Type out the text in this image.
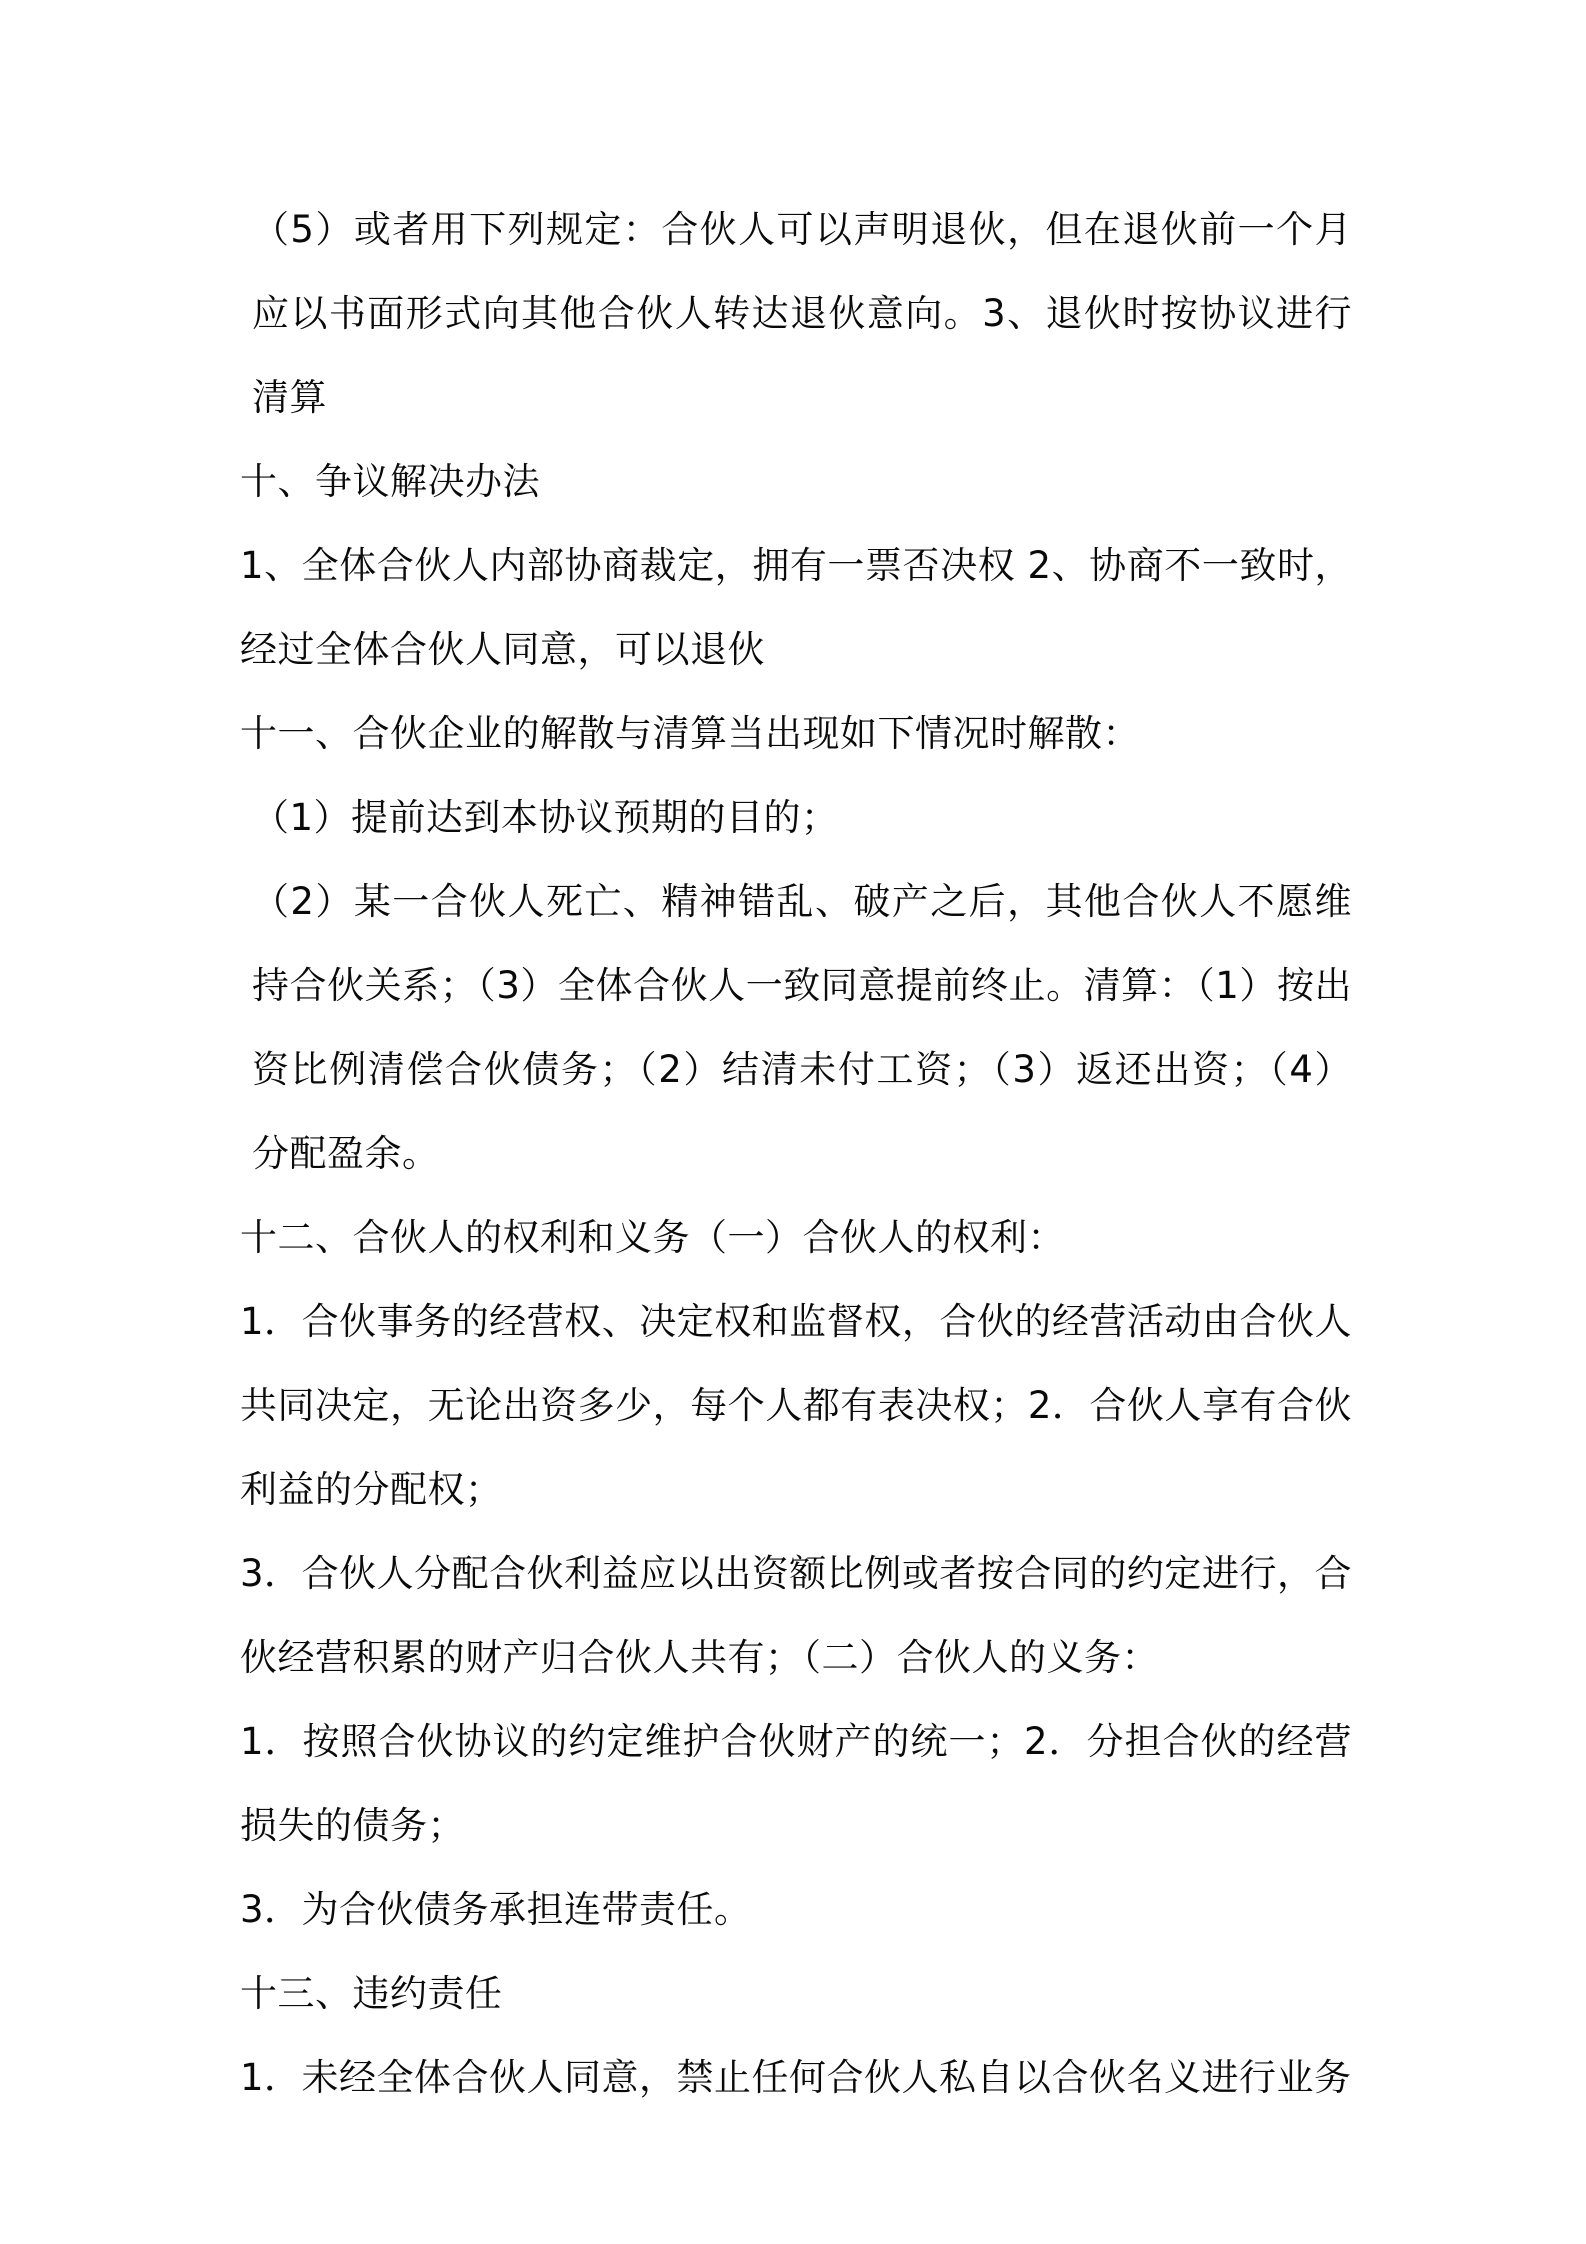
（5）或者用下列规定：合伙人可以声明退伙，但在退伙前一个月应以书面形式向其他合伙人转达退伙意向。3、退伙时按协议进行清算

十、争议解决办法

1、全体合伙人内部协商裁定，拥有一票否决权 2、协商不一致时，经过全体合伙人同意，可以退伙

十一、合伙企业的解散与清算当出现如下情况时解散：

（1）提前达到本协议预期的目的；

（2）某一合伙人死亡、精神错乱、破产之后，其他合伙人不愿维持合伙关系；（3）全体合伙人一致同意提前终止。清算：（1）按出资比例清偿合伙债务；（2）结清未付工资；（3）返还出资；（4）分配盈余。

十二、合伙人的权利和义务（一）合伙人的权利：

1．合伙事务的经营权、决定权和监督权，合伙的经营活动由合伙人共同决定，无论出资多少，每个人都有表决权；2．合伙人享有合伙利益的分配权；

3．合伙人分配合伙利益应以出资额比例或者按合同的约定进行，合伙经营积累的财产归合伙人共有；（二）合伙人的义务：

1．按照合伙协议的约定维护合伙财产的统一；2．分担合伙的经营损失的债务；

3．为合伙债务承担连带责任。

十三、违约责任

1．未经全体合伙人同意，禁止任何合伙人私自以合伙名义进行业务
